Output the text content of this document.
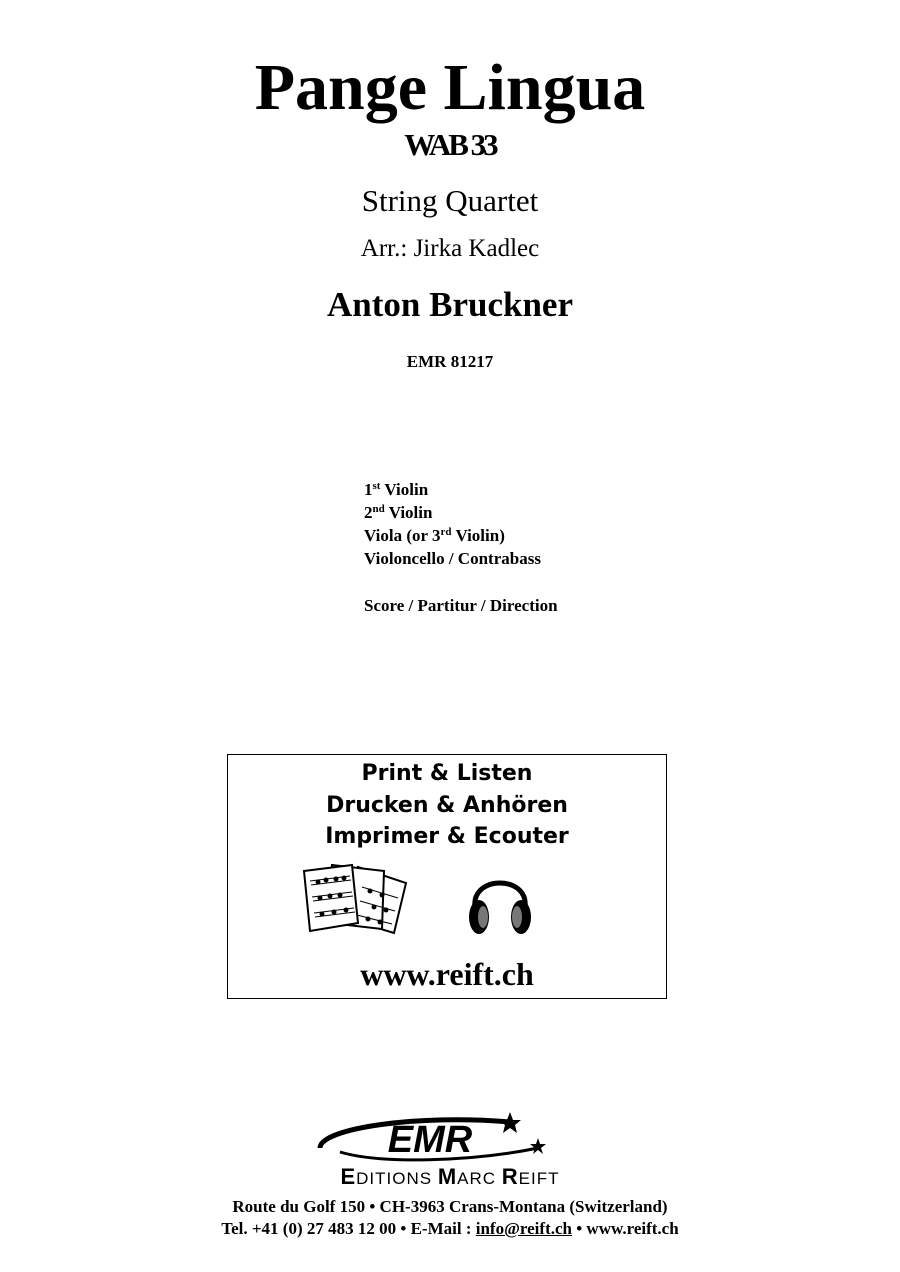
Pange Lingua
WAB 33
String Quartet
Arr.: Jirka Kadlec
Anton Bruckner
EMR 81217
1st Violin
2nd Violin
Viola (or 3rd Violin)
Violoncello / Contrabass
Score / Partitur / Direction
Print & Listen
Drucken & Anhören
Imprimer & Ecouter
www.reift.ch
EMR
EDITIONS MARC REIFT
Route du Golf 150 • CH-3963 Crans-Montana (Switzerland)
Tel. +41 (0) 27 483 12 00 • E-Mail : info@reift.ch • www.reift.ch
